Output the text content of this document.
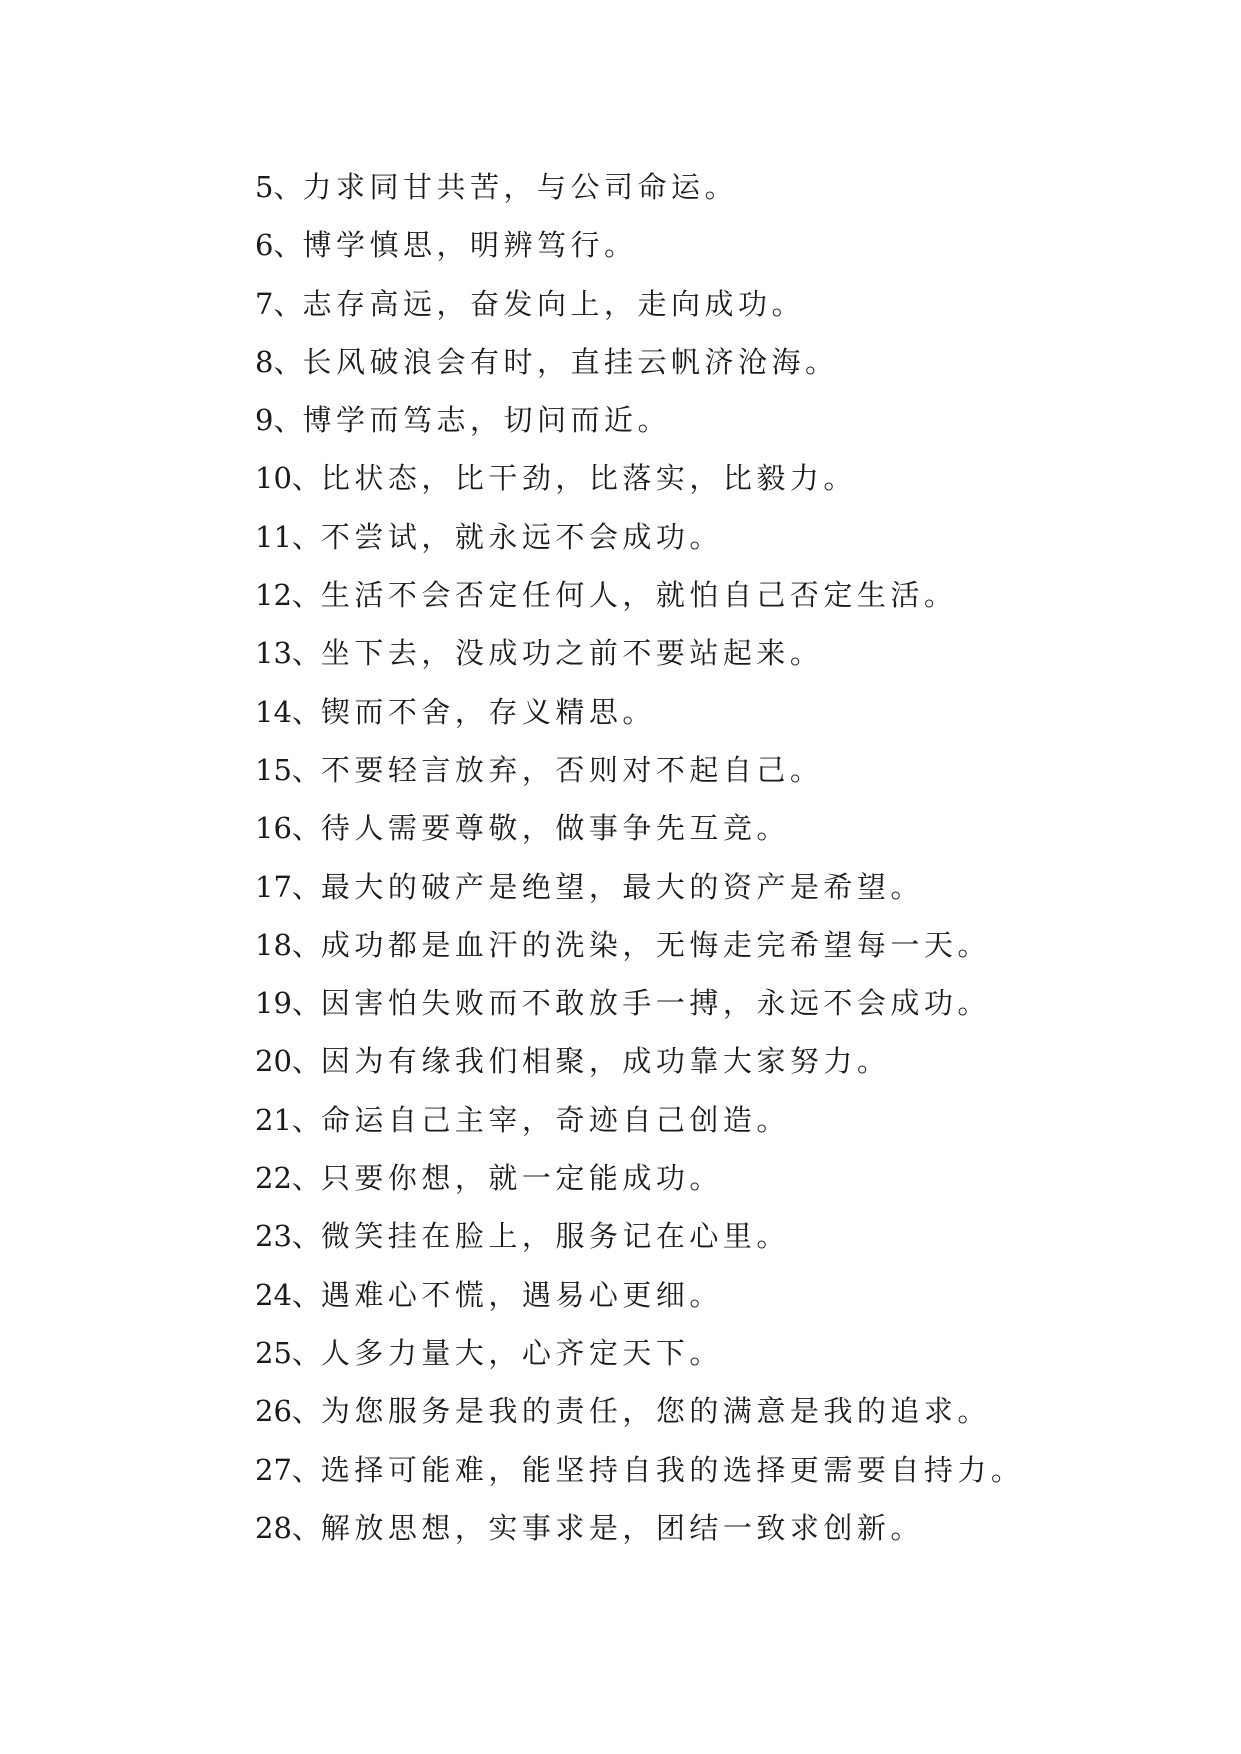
5、力求同甘共苦，与公司命运。
6、博学慎思，明辨笃行。
7、志存高远，奋发向上，走向成功。
8、长风破浪会有时，直挂云帆济沧海。
9、博学而笃志，切问而近。
10、比状态，比干劲，比落实，比毅力。
11、不尝试，就永远不会成功。
12、生活不会否定任何人，就怕自己否定生活。
13、坐下去，没成功之前不要站起来。
14、锲而不舍，存义精思。
15、不要轻言放弃，否则对不起自己。
16、待人需要尊敬，做事争先互竞。
17、最大的破产是绝望，最大的资产是希望。
18、成功都是血汗的洗染，无悔走完希望每一天。
19、因害怕失败而不敢放手一搏，永远不会成功。
20、因为有缘我们相聚，成功靠大家努力。
21、命运自己主宰，奇迹自己创造。
22、只要你想，就一定能成功。
23、微笑挂在脸上，服务记在心里。
24、遇难心不慌，遇易心更细。
25、人多力量大，心齐定天下。
26、为您服务是我的责任，您的满意是我的追求。
27、选择可能难，能坚持自我的选择更需要自持力。
28、解放思想，实事求是，团结一致求创新。
